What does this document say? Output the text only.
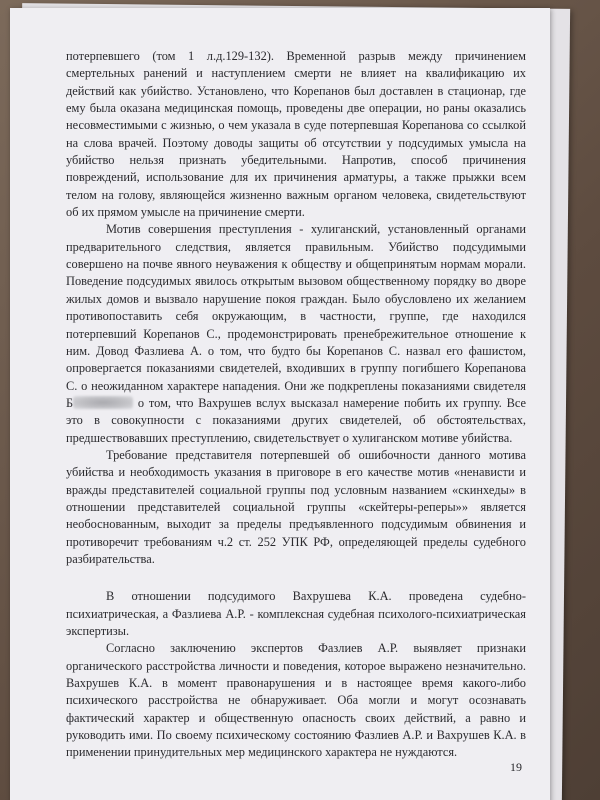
потерпевшего (том 1 л.д.129-132). Временной разрыв между причинением смертельных ранений и наступлением смерти не влияет на квалификацию их действий как убийство. Установлено, что Корепанов был доставлен в стационар, где ему была оказана медицинская помощь, проведены две операции, но раны оказались несовместимыми с жизнью, о чем указала в суде потерпевшая Корепанова со ссылкой на слова врачей. Поэтому доводы защиты об отсутствии у подсудимых умысла на убийство нельзя признать убедительными. Напротив, способ причинения повреждений, использование для их причинения арматуры, а также прыжки всем телом на голову, являющейся жизненно важным органом человека, свидетельствуют об их прямом умысле на причинение смерти.

Мотив совершения преступления - хулиганский, установленный органами предварительного следствия, является правильным. Убийство подсудимыми совершено на почве явного неуважения к обществу и общепринятым нормам морали. Поведение подсудимых явилось открытым вызовом общественному порядку во дворе жилых домов и вызвало нарушение покоя граждан. Было обусловлено их желанием противопоставить себя окружающим, в частности, группе, где находился потерпевший Корепанов С., продемонстрировать пренебрежительное отношение к ним. Довод Фазлиева А. о том, что будто бы Корепанов С. назвал его фашистом, опровергается показаниями свидетелей, входивших в группу погибшего Корепанова С. о неожиданном характере нападения. Они же подкреплены показаниями свидетеля Б	о том, что Вахрушев вслух высказал намерение побить их группу. Все это в совокупности с показаниями других свидетелей, об обстоятельствах, предшествовавших преступлению, свидетельствует о хулиганском мотиве убийства.

Требование представителя потерпевшей об ошибочности данного мотива убийства и необходимость указания в приговоре в его качестве мотив «ненависти и вражды представителей социальной группы под условным названием «скинхеды» в отношении представителей социальной группы «скейтеры-реперы»» является необоснованным, выходит за пределы предъявленного подсудимым обвинения и противоречит требованиям ч.2 ст. 252 УПК РФ, определяющей пределы судебного разбирательства.

В отношении подсудимого Вахрушева К.А. проведена судебно-психиатрическая, а Фазлиева А.Р. - комплексная судебная психолого-психиатрическая экспертизы.

Согласно заключению экспертов Фазлиев А.Р. выявляет признаки органического расстройства личности и поведения, которое выражено незначительно. Вахрушев К.А. в момент правонарушения и в настоящее время какого-либо психического расстройства не обнаруживает. Оба могли и могут осознавать фактический характер и общественную опасность своих действий, а равно и руководить ими. По своему психическому состоянию Фазлиев А.Р. и Вахрушев К.А. в применении принудительных мер медицинского характера не нуждаются.

19
